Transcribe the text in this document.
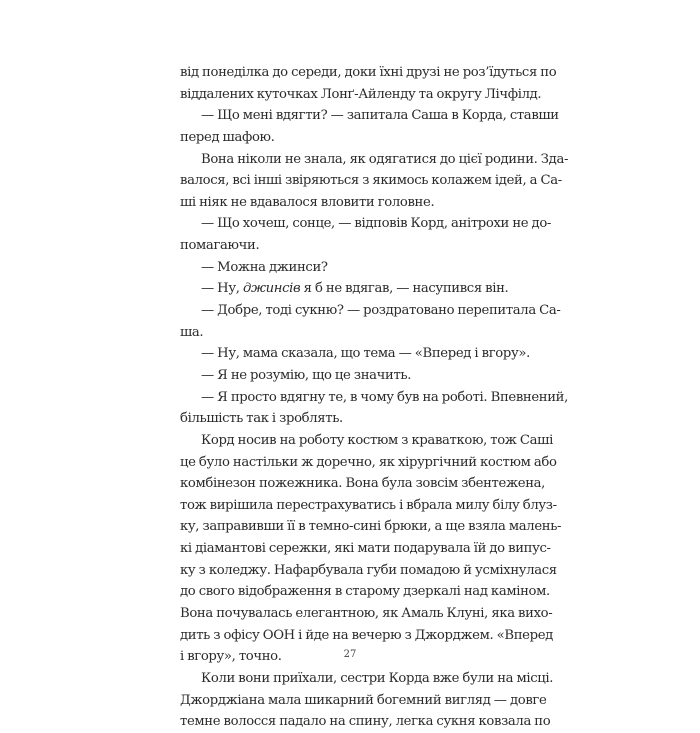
від понеділка до середи, доки їхні друзі не роз’їдуться по
віддалених куточках Лонґ-Айленду та округу Лічфілд.
— Що мені вдягти? — запитала Саша в Корда, ставши
перед шафою.
Вона ніколи не знала, як одягатися до цієї родини. Зда-
валося, всі інші звіряються з якимось колажем ідей, а Са-
ші ніяк не вдавалося вловити головне.
— Що хочеш, сонце, — відповів Корд, анітрохи не до-
помагаючи.
— Можна джинси?
— Ну, джинсів я б не вдягав, — насупився він.
— Добре, тоді сукню? — роздратовано перепитала Са-
ша.
— Ну, мама сказала, що тема — «Вперед і вгору».
— Я не розумію, що це значить.
— Я просто вдягну те, в чому був на роботі. Впевнений,
більшість так і зроблять.
Корд носив на роботу костюм з краваткою, тож Саші
це було настільки ж доречно, як хірургічний костюм або
комбінезон пожежника. Вона була зовсім збентежена,
тож вирішила перестрахуватись і вбрала милу білу блуз-
ку, заправивши її в темно-сині брюки, а ще взяла малень-
кі діамантові сережки, які мати подарувала їй до випус-
ку з коледжу. Нафарбувала губи помадою й усміхнулася
до свого відображення в старому дзеркалі над каміном.
Вона почувалась елегантною, як Амаль Клуні, яка вихо-
дить з офісу ООН і йде на вечерю з Джорджем. «Вперед
і вгору», точно.
Коли вони приїхали, сестри Корда вже були на місці.
Джорджіана мала шикарний богемний вигляд — довге
темне волосся падало на спину, легка сукня ковзала по
27
